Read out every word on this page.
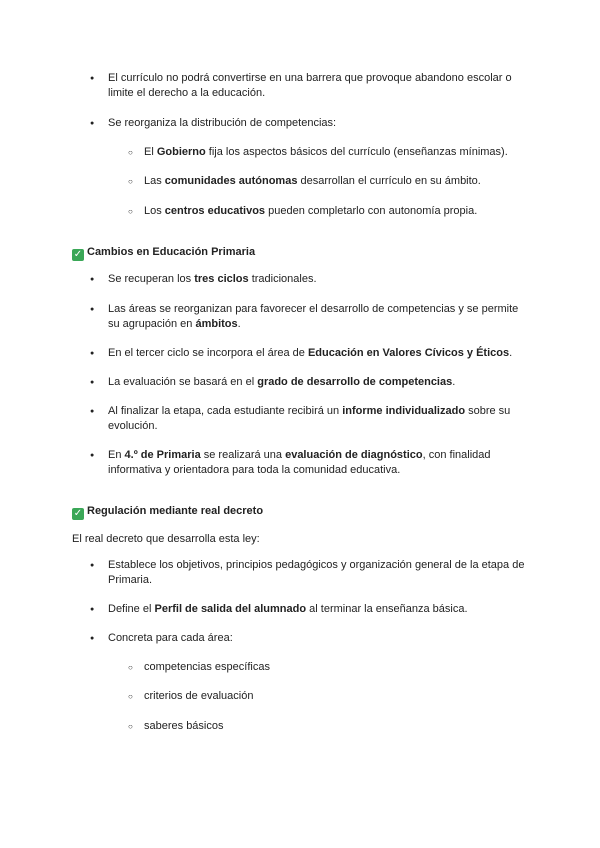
● El currículo no podrá convertirse en una barrera que provoque abandono escolar o limite el derecho a la educación.
● Se reorganiza la distribución de competencias:
○ El Gobierno fija los aspectos básicos del currículo (enseñanzas mínimas).
○ Las comunidades autónomas desarrollan el currículo en su ámbito.
○ Los centros educativos pueden completarlo con autonomía propia.
✓ Cambios en Educación Primaria
● Se recuperan los tres ciclos tradicionales.
● Las áreas se reorganizan para favorecer el desarrollo de competencias y se permite su agrupación en ámbitos.
● En el tercer ciclo se incorpora el área de Educación en Valores Cívicos y Éticos.
● La evaluación se basará en el grado de desarrollo de competencias.
● Al finalizar la etapa, cada estudiante recibirá un informe individualizado sobre su evolución.
● En 4.º de Primaria se realizará una evaluación de diagnóstico, con finalidad informativa y orientadora para toda la comunidad educativa.
✓ Regulación mediante real decreto
El real decreto que desarrolla esta ley:
● Establece los objetivos, principios pedagógicos y organización general de la etapa de Primaria.
● Define el Perfil de salida del alumnado al terminar la enseñanza básica.
● Concreta para cada área:
○ competencias específicas
○ criterios de evaluación
○ saberes básicos
